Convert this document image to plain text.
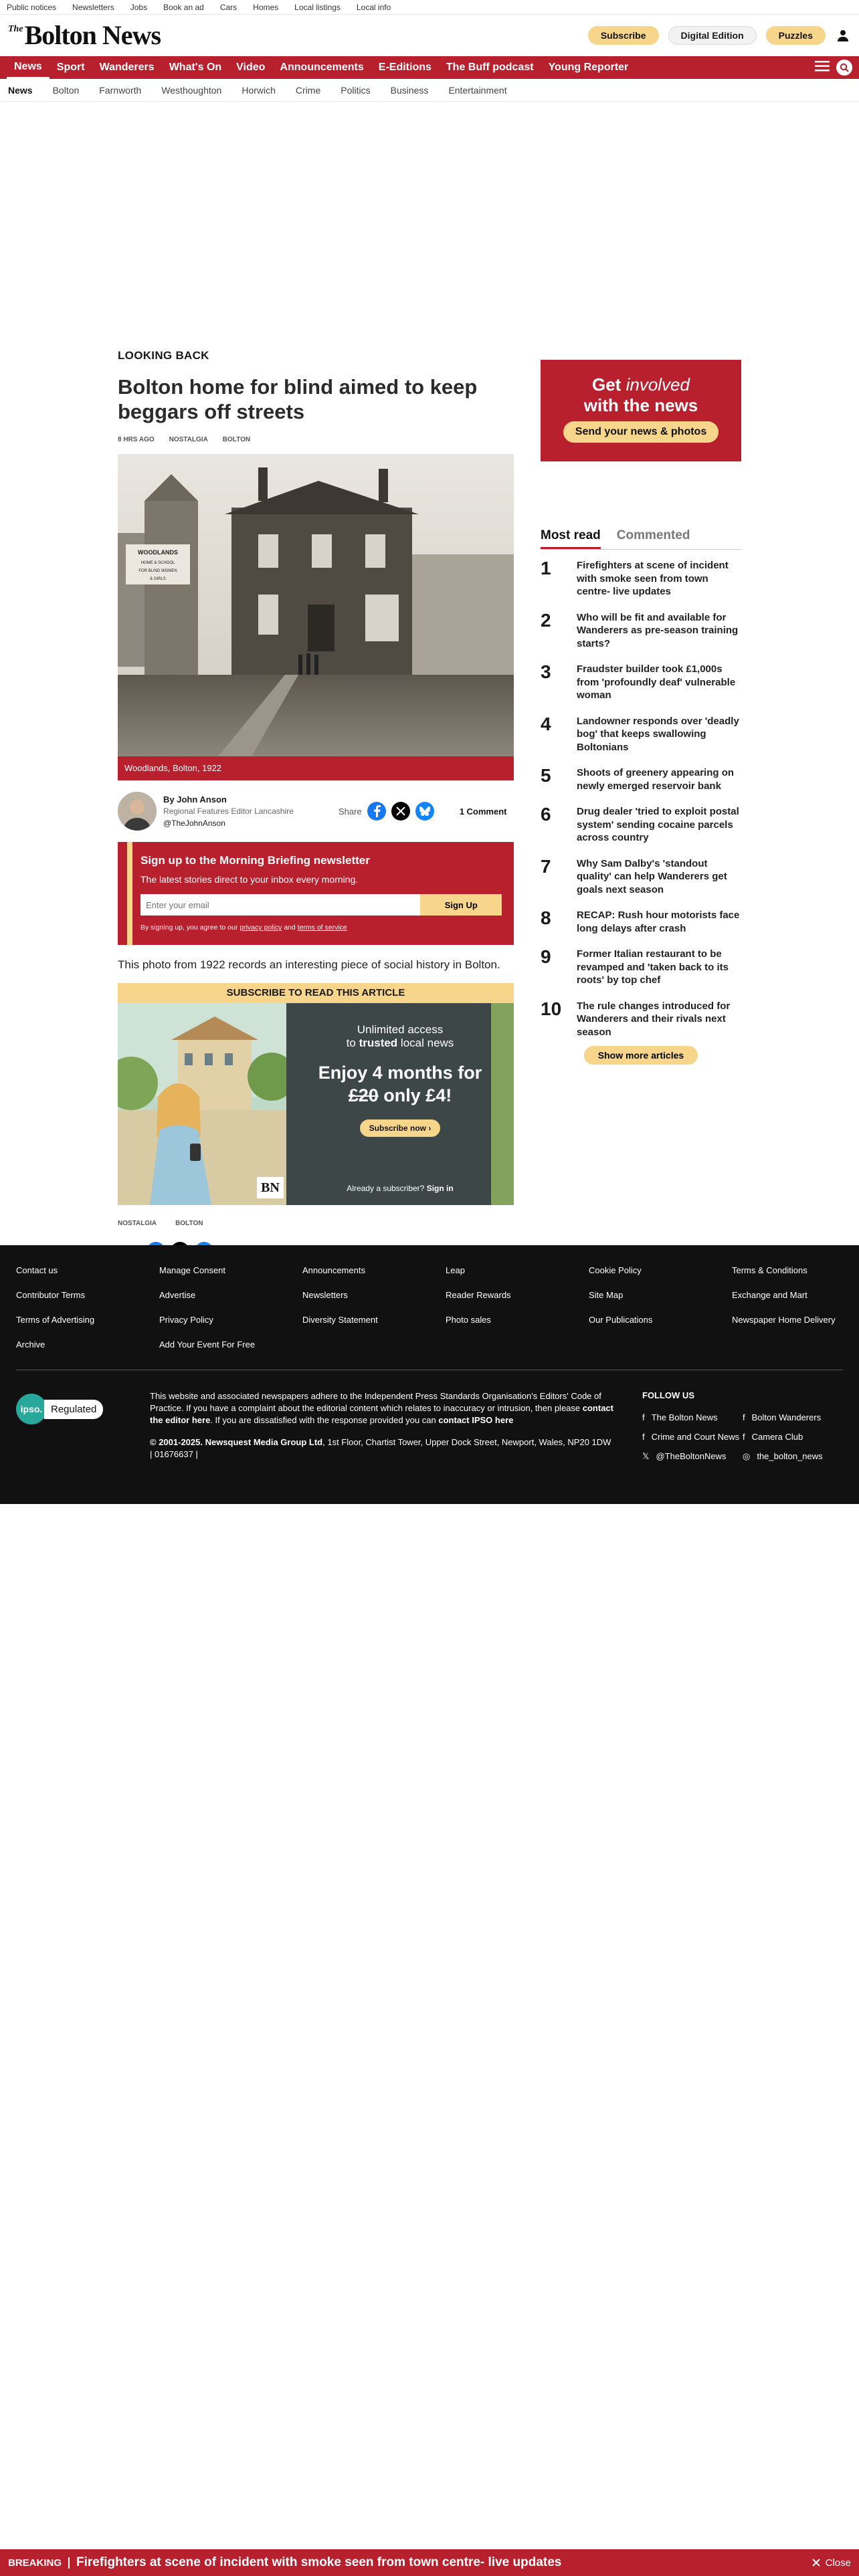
Public notices Newsletters Jobs Book an ad Cars Homes Local listings Local info
The Bolton News	Subscribe	Digital Edition	Puzzles
News	Sport	Wanderers	What's On	Video	Announcements	E-Editions	The Buff podcast	Young Reporter
News Bolton Farnworth Westhoughton Horwich Crime Politics Business Entertainment
LOOKING BACK
Bolton home for blind aimed to keep beggars off streets
8 HRS AGO NOSTALGIA BOLTON
WOODLANDS
HOME & SCHOOL
FOR BLIND WOMEN
& GIRLS
Woodlands, Bolton, 1922
By John Anson
Regional Features Editor Lancashire
@TheJohnAnson
Share	1 Comment
Sign up to the Morning Briefing newsletter
The latest stories direct to your inbox every morning.
Enter your email
Sign Up
By signing up, you agree to our privacy policy and terms of service

This photo from 1922 records an interesting piece of social history in Bolton.

SUBSCRIBE TO READ THIS ARTICLE
BN
Unlimited access
to trusted local news
Enjoy 4 months for
£20 only £4!
Subscribe now ›
Already a subscriber? Sign in
NOSTALGIA	BOLTON
Get involved
with the news
Send your news & photos
Most read Commented
1	Firefighters at scene of incident with smoke seen from town centre- live updates
2	Who will be fit and available for Wanderers as pre-season training starts?
3	Fraudster builder took £1,000s from 'profoundly deaf' vulnerable woman
4	Landowner responds over 'deadly bog' that keeps swallowing Boltonians
5	Shoots of greenery appearing on newly emerged reservoir bank
6	Drug dealer 'tried to exploit postal system' sending cocaine parcels across country
7	Why Sam Dalby's 'standout quality' can help Wanderers get goals next season
8	RECAP: Rush hour motorists face long delays after crash
9	Former Italian restaurant to be revamped and 'taken back to its roots' by top chef
10	The rule changes introduced for Wanderers and their rivals next season
Show more articles
Contact us	Manage Consent	Announcements	Leap	Cookie Policy	Terms & Conditions
Contributor Terms	Advertise	Newsletters	Reader Rewards	Site Map	Exchange and Mart
Terms of Advertising	Privacy Policy	Diversity Statement	Photo sales	Our Publications	Newspaper Home Delivery
Archive	Add Your Event For Free
ipso. Regulated

This website and associated newspapers adhere to the Independent Press Standards Organisation's Editors' Code of Practice. If you have a complaint about the editorial content which relates to inaccuracy or intrusion, then please contact the editor here. If you are dissatisfied with the response provided you can contact IPSO here

© 2001-2025. Newsquest Media Group Ltd, 1st Floor, Chartist Tower, Upper Dock Street, Newport, Wales, NP20 1DW | 01676637 |

FOLLOW US
f The Bolton News	f Bolton Wanderers
f Crime and Court News f Camera Club
𝕏 @TheBoltonNews ◎ the_bolton_news
BREAKING	Firefighters at scene of incident with smoke seen from town centre- live updates	Close
